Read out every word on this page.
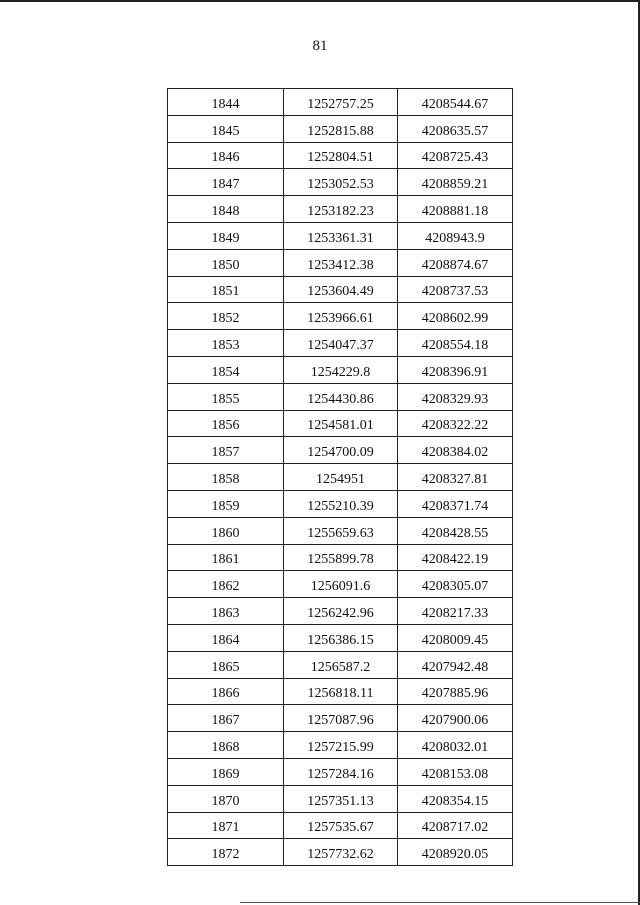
81
1844	1252757.25	4208544.67
1845	1252815.88	4208635.57
1846	1252804.51	4208725.43
1847	1253052.53	4208859.21
1848	1253182.23	4208881.18
1849	1253361.31	4208943.9
1850	1253412.38	4208874.67
1851	1253604.49	4208737.53
1852	1253966.61	4208602.99
1853	1254047.37	4208554.18
1854	1254229.8	4208396.91
1855	1254430.86	4208329.93
1856	1254581.01	4208322.22
1857	1254700.09	4208384.02
1858	1254951	4208327.81
1859	1255210.39	4208371.74
1860	1255659.63	4208428.55
1861	1255899.78	4208422.19
1862	1256091.6	4208305.07
1863	1256242.96	4208217.33
1864	1256386.15	4208009.45
1865	1256587.2	4207942.48
1866	1256818.11	4207885.96
1867	1257087.96	4207900.06
1868	1257215.99	4208032.01
1869	1257284.16	4208153.08
1870	1257351.13	4208354.15
1871	1257535.67	4208717.02
1872	1257732.62	4208920.05
